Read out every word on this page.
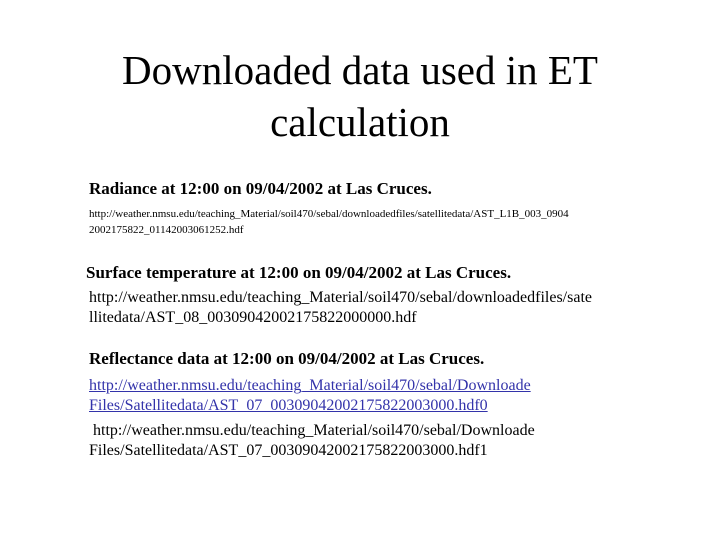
Downloaded data used in ET
calculation
Radiance at 12:00 on 09/04/2002 at Las Cruces.
http://weather.nmsu.edu/teaching_Material/soil470/sebal/downloadedfiles/satellitedata/AST_L1B_003_0904
2002175822_01142003061252.hdf
Surface temperature at 12:00 on 09/04/2002 at Las Cruces.
http://weather.nmsu.edu/teaching_Material/soil470/sebal/downloadedfiles/sate
llitedata/AST_08_00309042002175822000000.hdf
Reflectance data at 12:00 on 09/04/2002 at Las Cruces.
http://weather.nmsu.edu/teaching_Material/soil470/sebal/Downloade
Files/Satellitedata/AST_07_00309042002175822003000.hdf0
http://weather.nmsu.edu/teaching_Material/soil470/sebal/Downloade
Files/Satellitedata/AST_07_00309042002175822003000.hdf1
